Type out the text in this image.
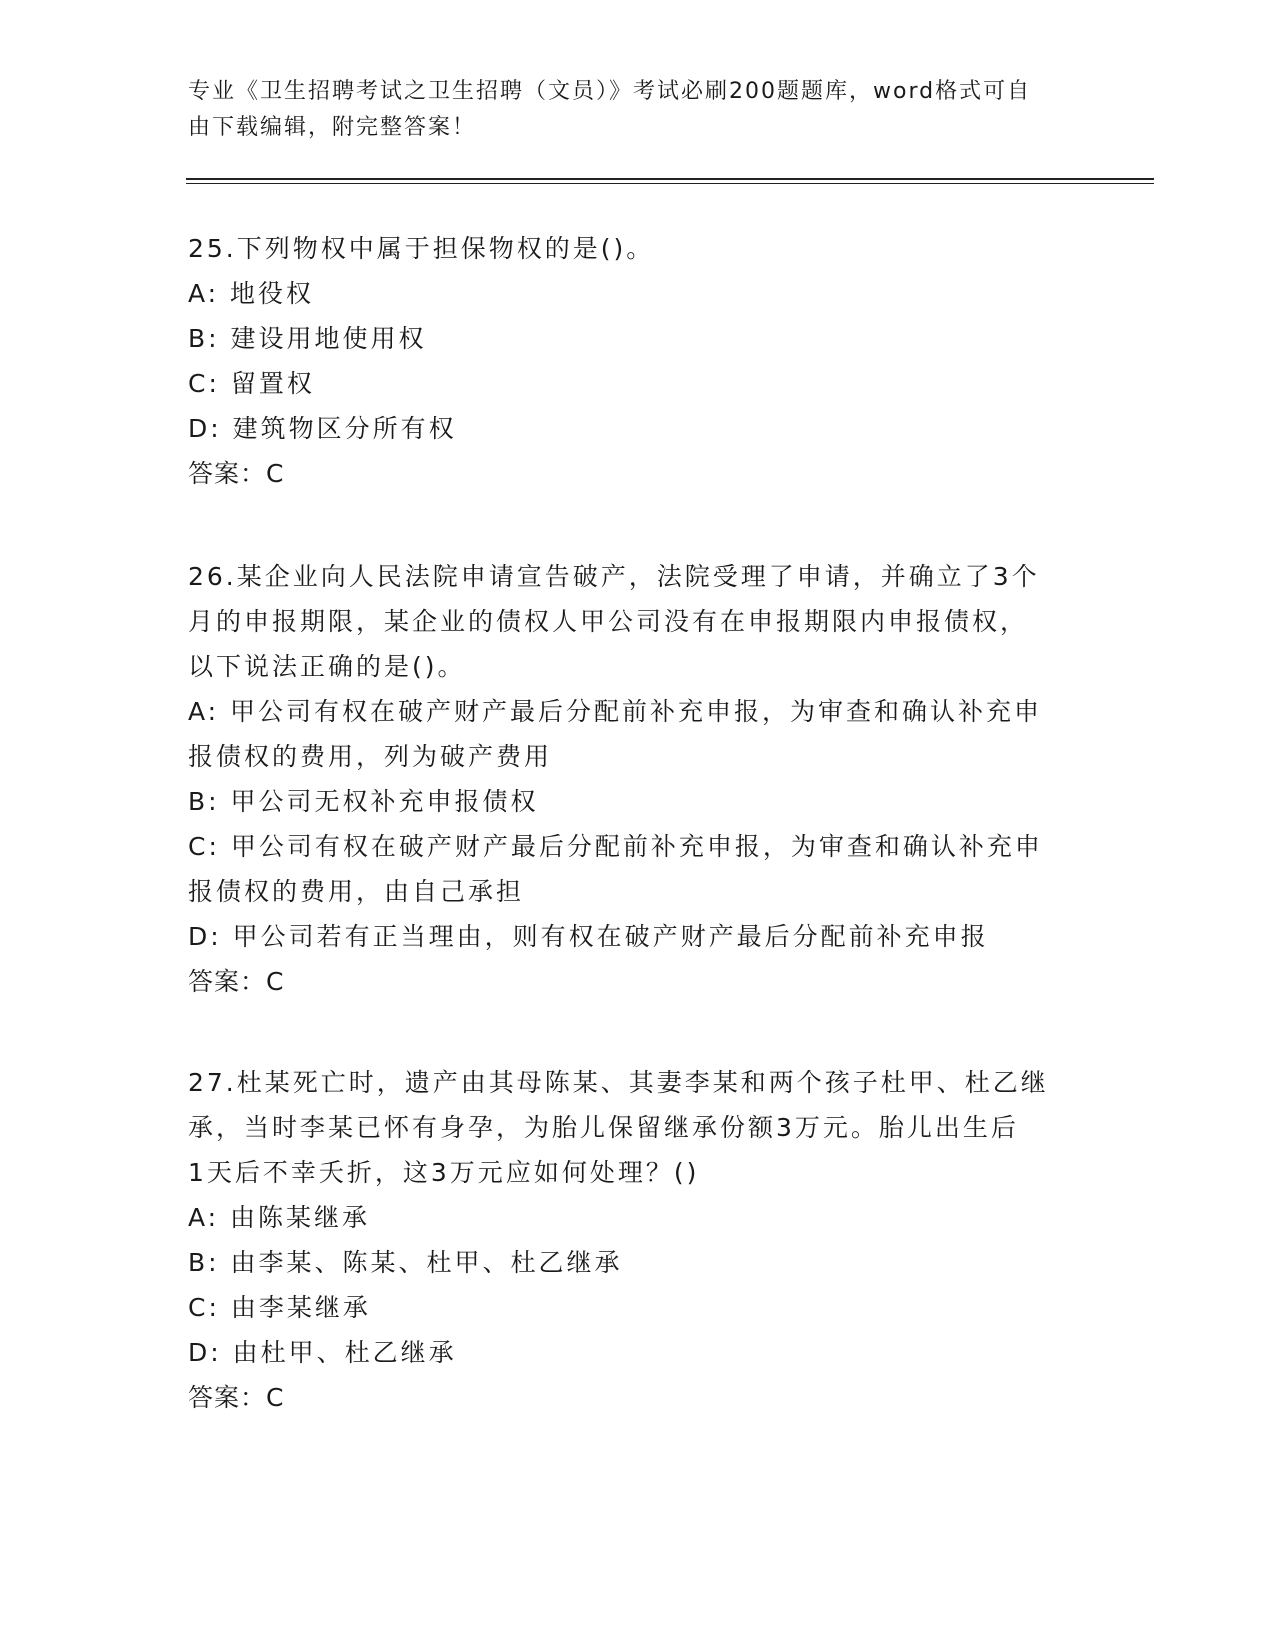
专业《卫生招聘考试之卫生招聘（文员）》考试必刷200题题库，word格式可自
由下载编辑，附完整答案！
25.下列物权中属于担保物权的是()。
A: 地役权
B: 建设用地使用权
C: 留置权
D: 建筑物区分所有权
答案：C
26.某企业向人民法院申请宣告破产，法院受理了申请，并确立了3个
月的申报期限，某企业的债权人甲公司没有在申报期限内申报债权，
以下说法正确的是()。
A: 甲公司有权在破产财产最后分配前补充申报，为审查和确认补充申
报债权的费用，列为破产费用
B: 甲公司无权补充申报债权
C: 甲公司有权在破产财产最后分配前补充申报，为审查和确认补充申
报债权的费用，由自己承担
D: 甲公司若有正当理由，则有权在破产财产最后分配前补充申报
答案：C
27.杜某死亡时，遗产由其母陈某、其妻李某和两个孩子杜甲、杜乙继
承，当时李某已怀有身孕，为胎儿保留继承份额3万元。胎儿出生后
1天后不幸夭折，这3万元应如何处理？()
A: 由陈某继承
B: 由李某、陈某、杜甲、杜乙继承
C: 由李某继承
D: 由杜甲、杜乙继承
答案：C
